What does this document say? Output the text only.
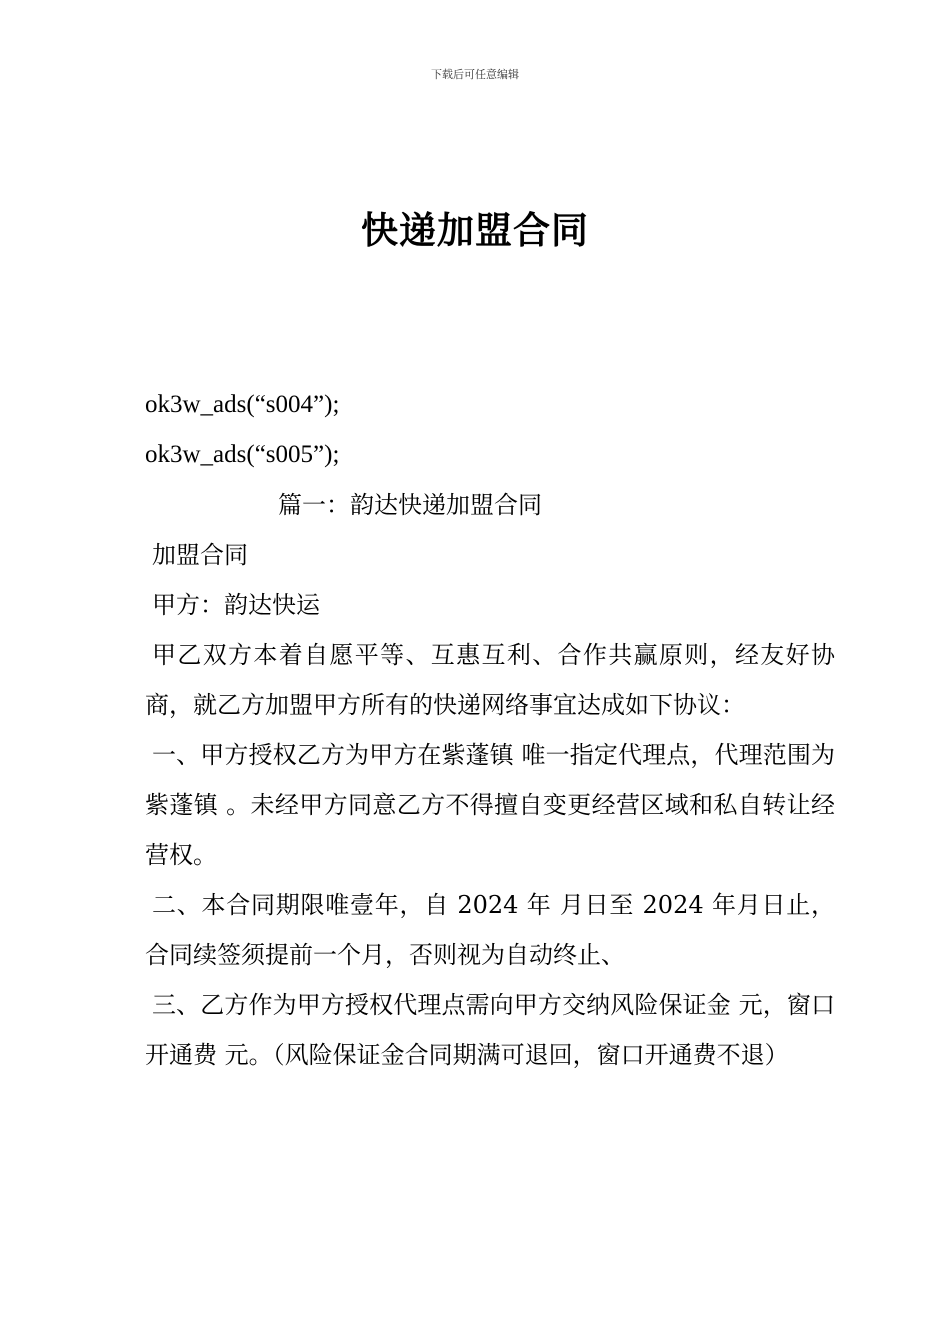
下载后可任意编辑
快递加盟合同
ok3w_ads(“s004”);
ok3w_ads(“s005”);
篇一：韵达快递加盟合同
加盟合同
甲方：韵达快运
甲乙双方本着自愿平等、互惠互利、合作共赢原则，经友好协商，就乙方加盟甲方所有的快递网络事宜达成如下协议：
一、甲方授权乙方为甲方在紫蓬镇 唯一指定代理点，代理范围为紫蓬镇 。未经甲方同意乙方不得擅自变更经营区域和私自转让经营权。
二、本合同期限唯壹年，自 2024 年 月日至 2024 年月日止，合同续签须提前一个月，否则视为自动终止、
三、乙方作为甲方授权代理点需向甲方交纳风险保证金 元，窗口开通费 元。（风险保证金合同期满可退回，窗口开通费不退）
